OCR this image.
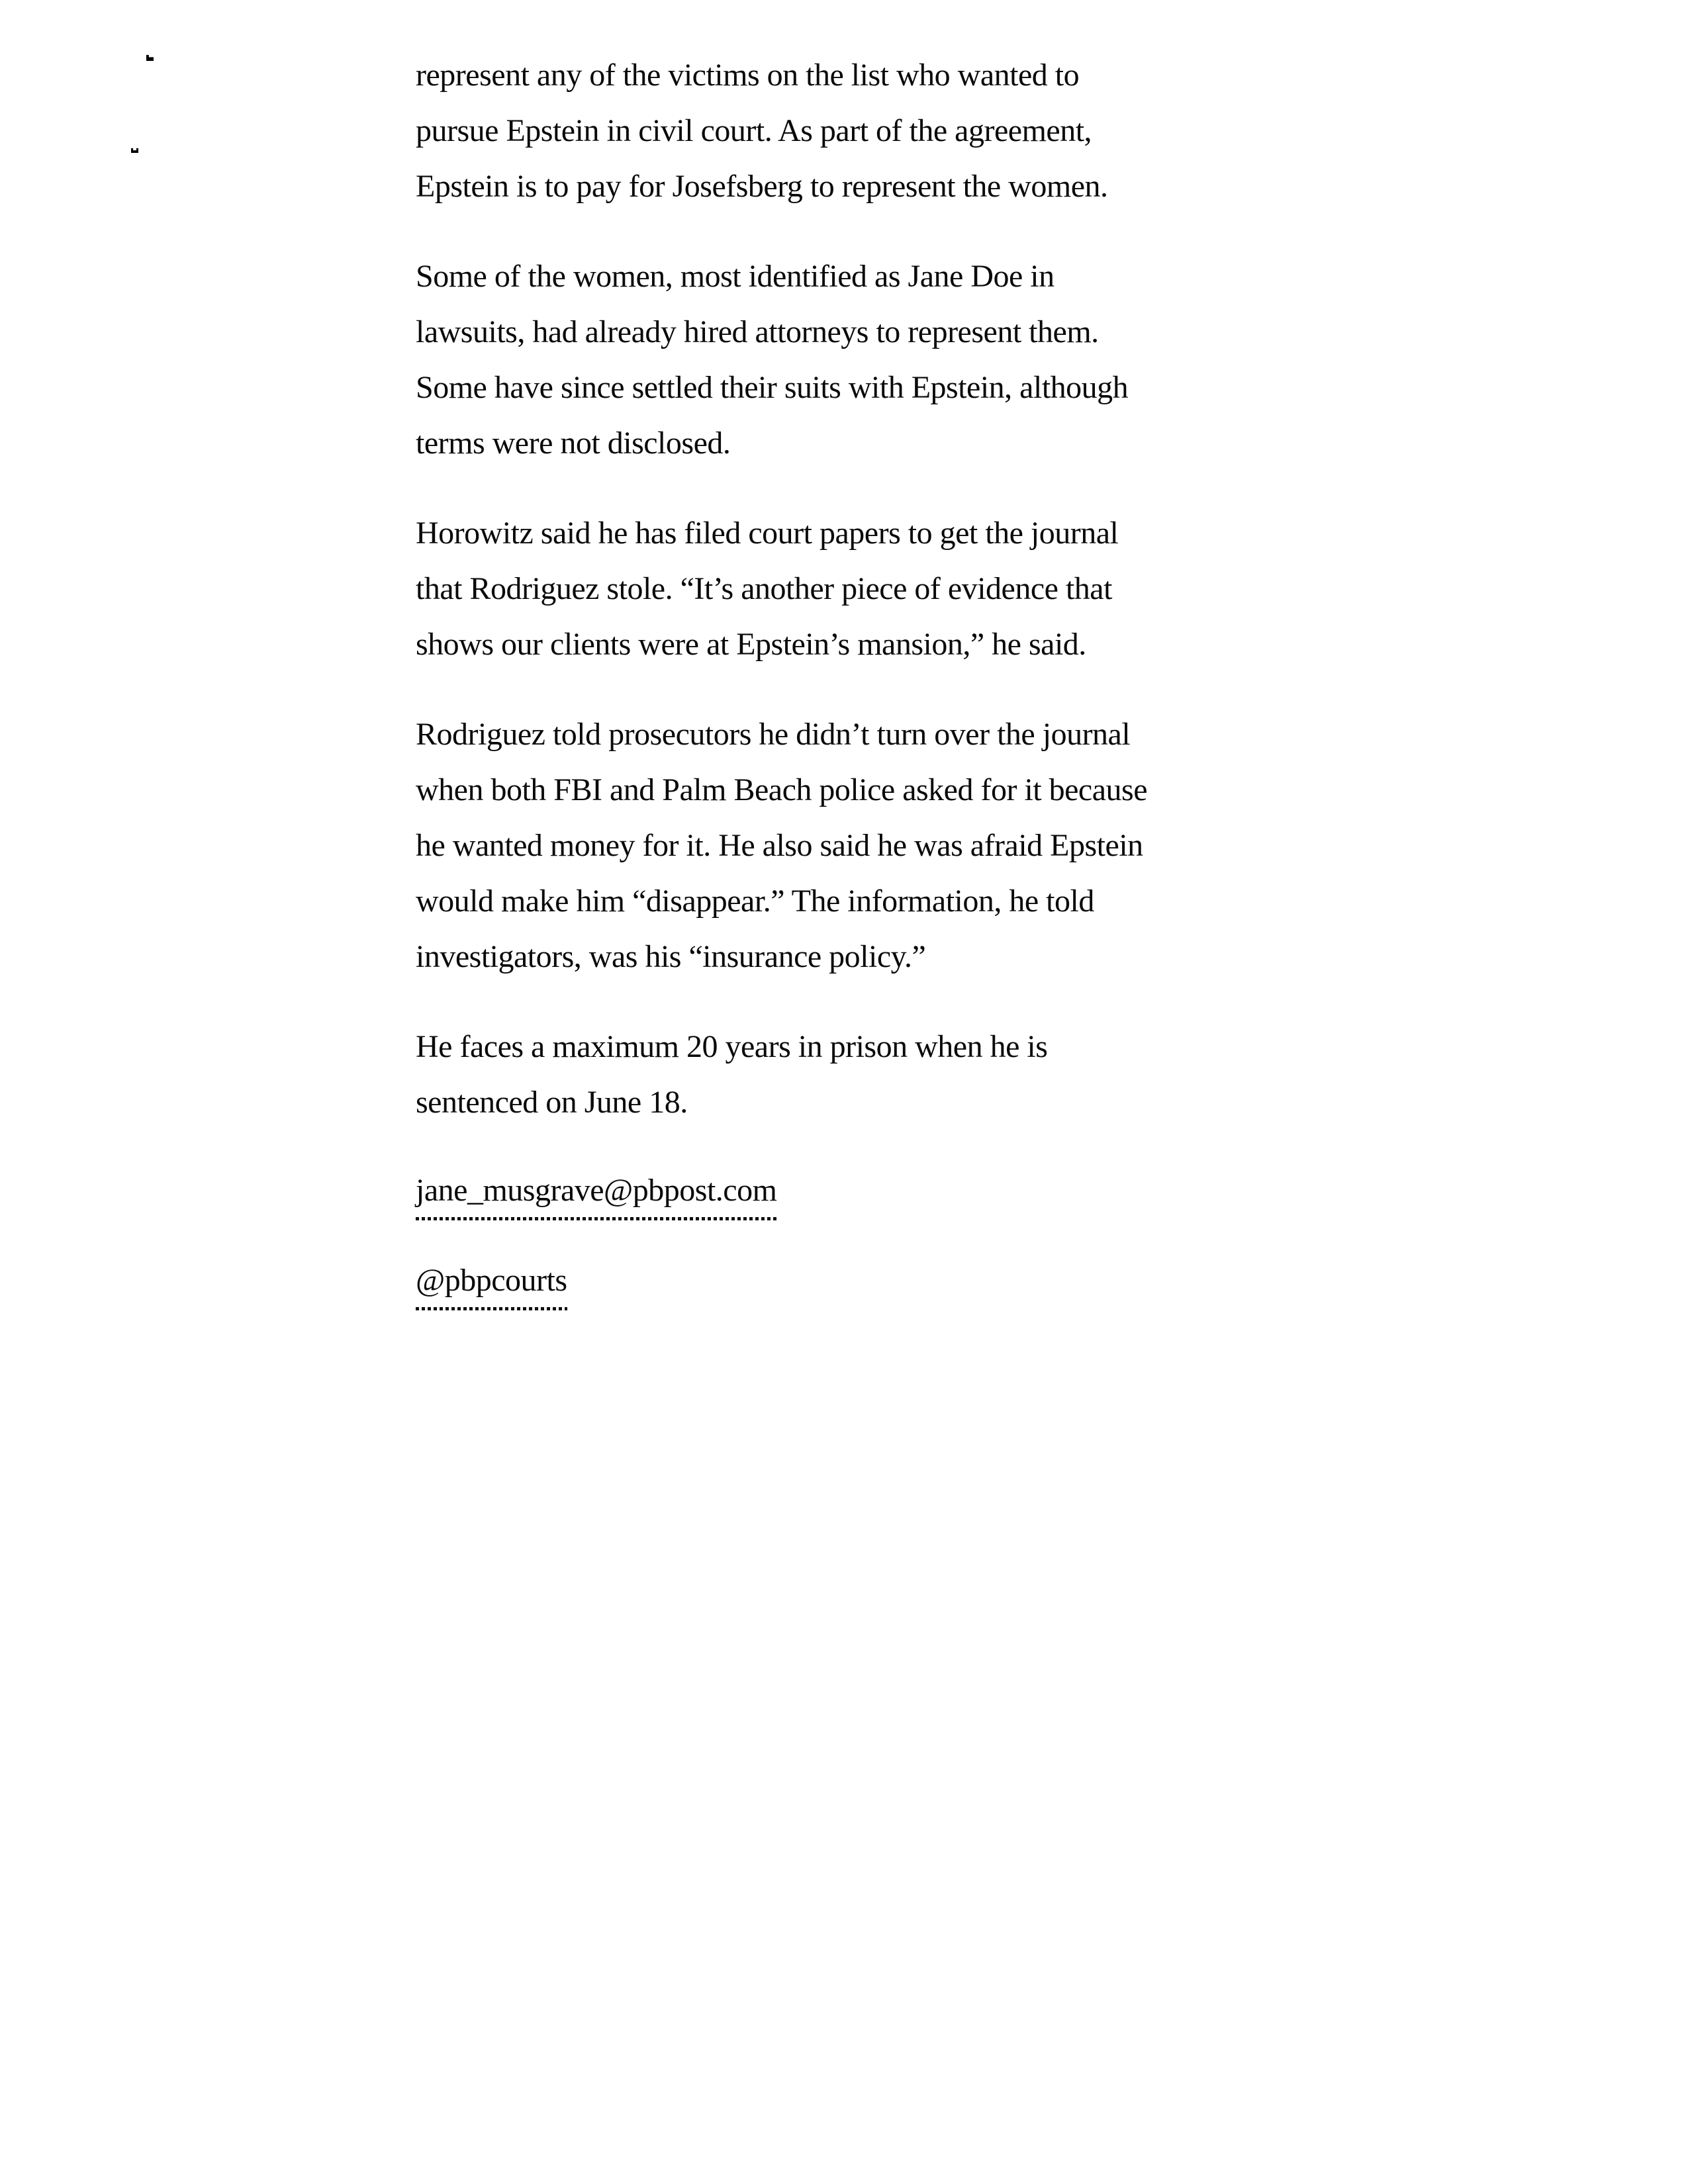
represent any of the victims on the list who wanted to
pursue Epstein in civil court. As part of the agreement,
Epstein is to pay for Josefsberg to represent the women.
Some of the women, most identified as Jane Doe in
lawsuits, had already hired attorneys to represent them.
Some have since settled their suits with Epstein, although
terms were not disclosed.
Horowitz said he has filed court papers to get the journal
that Rodriguez stole. “It’s another piece of evidence that
shows our clients were at Epstein’s mansion,” he said.
Rodriguez told prosecutors he didn’t turn over the journal
when both FBI and Palm Beach police asked for it because
he wanted money for it. He also said he was afraid Epstein
would make him “disappear.” The information, he told
investigators, was his “insurance policy.”
He faces a maximum 20 years in prison when he is
sentenced on June 18.
jane_musgrave@pbpost.com
@pbpcourts
